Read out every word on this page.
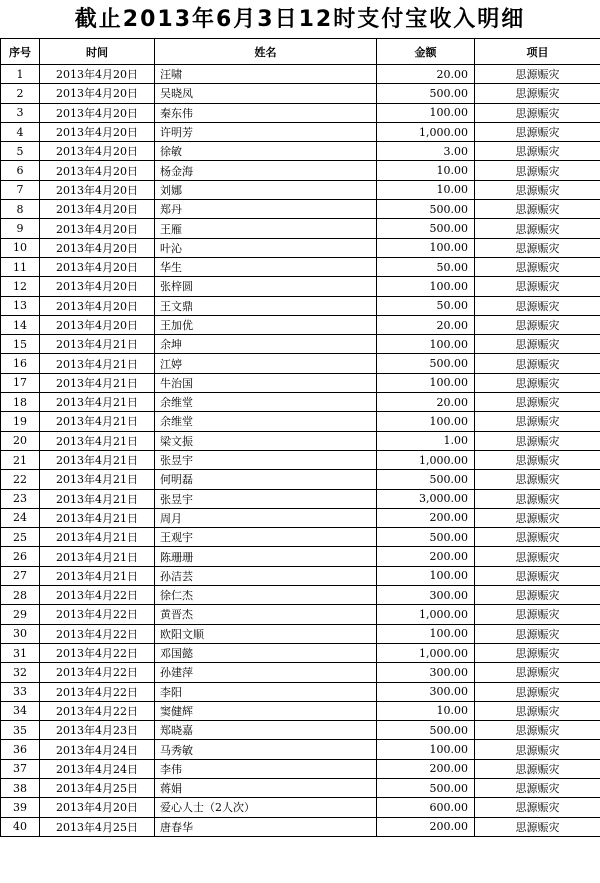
截止2013年6月3日12时支付宝收入明细
序号	时间	姓名	金额	项目
1	2013年4月20日	汪啸	20.00	思源赈灾
2	2013年4月20日	吴晓凤	500.00	思源赈灾
3	2013年4月20日	秦东伟	100.00	思源赈灾
4	2013年4月20日	许明芳	1,000.00	思源赈灾
5	2013年4月20日	徐敏	3.00	思源赈灾
6	2013年4月20日	杨金海	10.00	思源赈灾
7	2013年4月20日	刘娜	10.00	思源赈灾
8	2013年4月20日	郑丹	500.00	思源赈灾
9	2013年4月20日	王雁	500.00	思源赈灾
10	2013年4月20日	叶沁	100.00	思源赈灾
11	2013年4月20日	华生	50.00	思源赈灾
12	2013年4月20日	张梓圆	100.00	思源赈灾
13	2013年4月20日	王文鼎	50.00	思源赈灾
14	2013年4月20日	王加优	20.00	思源赈灾
15	2013年4月21日	余坤	100.00	思源赈灾
16	2013年4月21日	江婷	500.00	思源赈灾
17	2013年4月21日	牛治国	100.00	思源赈灾
18	2013年4月21日	余维堂	20.00	思源赈灾
19	2013年4月21日	余维堂	100.00	思源赈灾
20	2013年4月21日	梁文振	1.00	思源赈灾
21	2013年4月21日	张昱宇	1,000.00	思源赈灾
22	2013年4月21日	何明磊	500.00	思源赈灾
23	2013年4月21日	张昱宇	3,000.00	思源赈灾
24	2013年4月21日	周月	200.00	思源赈灾
25	2013年4月21日	王观宇	500.00	思源赈灾
26	2013年4月21日	陈珊珊	200.00	思源赈灾
27	2013年4月21日	孙洁芸	100.00	思源赈灾
28	2013年4月22日	徐仁杰	300.00	思源赈灾
29	2013年4月22日	黄晋杰	1,000.00	思源赈灾
30	2013年4月22日	欧阳文顺	100.00	思源赈灾
31	2013年4月22日	邓国懿	1,000.00	思源赈灾
32	2013年4月22日	孙建萍	300.00	思源赈灾
33	2013年4月22日	李阳	300.00	思源赈灾
34	2013年4月22日	窦健辉	10.00	思源赈灾
35	2013年4月23日	郑晓嘉	500.00	思源赈灾
36	2013年4月24日	马秀敏	100.00	思源赈灾
37	2013年4月24日	李伟	200.00	思源赈灾
38	2013年4月25日	蒋娟	500.00	思源赈灾
39	2013年4月20日	爱心人士（2人次）	600.00	思源赈灾
40	2013年4月25日	唐春华	200.00	思源赈灾
